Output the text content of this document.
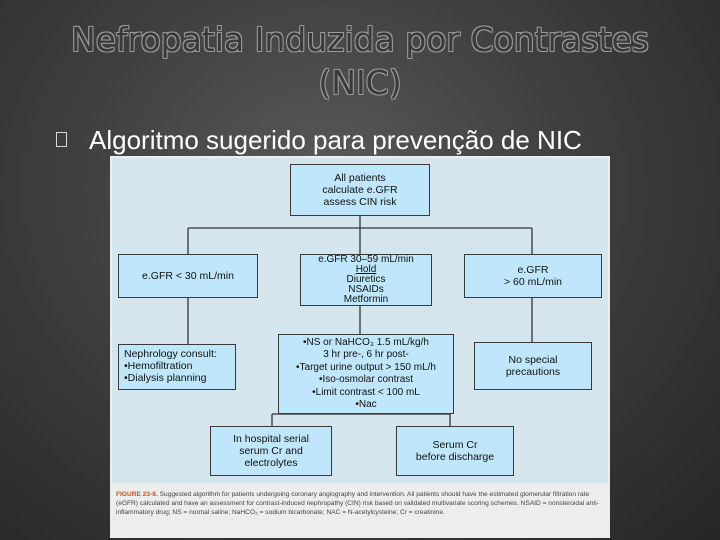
Nefropatia Induzida por Contrastes
(NIC)
Algoritmo sugerido para prevenção de NIC
All patients
calculate e.GFR
assess CIN risk
e.GFR < 30 mL/min
e.GFR 30–59 mL/min
Hold
Diuretics
NSAIDs
Metformin
e.GFR
> 60 mL/min
Nephrology consult:
•Hemofiltration
•Dialysis planning
•NS or NaHCO₃ 1.5 mL/kg/h
3 hr pre-, 6 hr post-
•Target urine output > 150 mL/h
•Iso-osmolar contrast
•Limit contrast < 100 mL
•Nac
No special
precautions
In hospital serial
serum Cr and
electrolytes
Serum Cr
before discharge
FIGURE 23-8. Suggested algorithm for patients undergoing coronary angiography and intervention. All patients should have the estimated glomerular filtration rate (eGFR) calculated and have an assessment for contrast-induced nephropathy (CIN) risk based on validated multivariate scoring schemes. NSAID = nonsteroidal anti-inflammatory drug; NS = normal saline; NaHCO₃ = sodium bicarbonate; NAC = N-acetylcysteine; Cr = creatinine.
